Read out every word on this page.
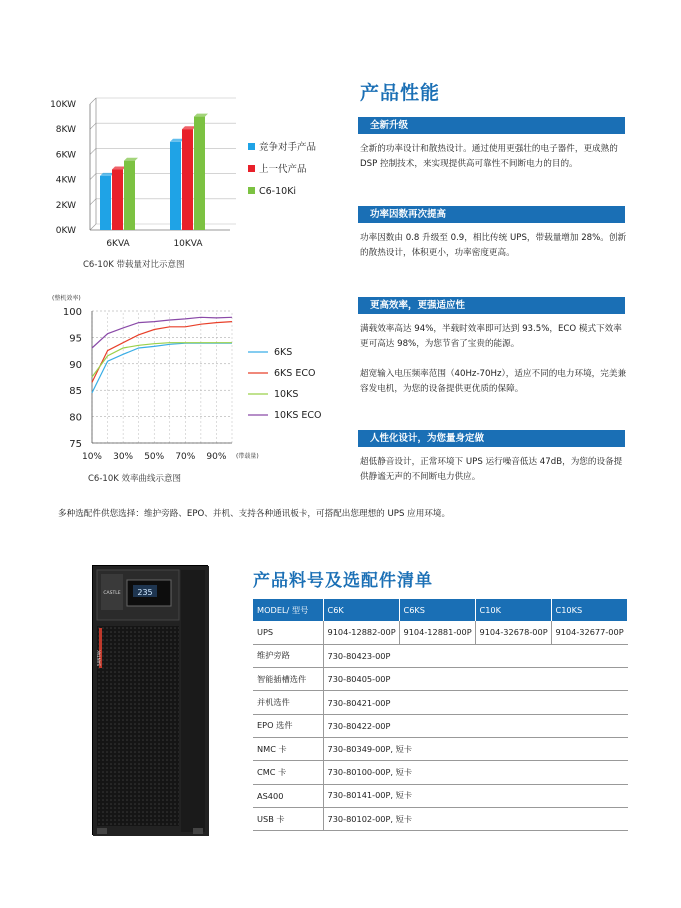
0KW
2KW
4KW
6KW
8KW
10KW
6KVA	10KVA
竞争对手产品
上一代产品
C6-10Ki
C6-10K 带载量对比示意图
(整机效率)
75
80
85
90
95
100
10% 30% 50% 70% 90% (带载量)
6KS
6KS ECO
10KS
10KS ECO
C6-10K 效率曲线示意图
产品性能
全新升级
全新的功率设计和散热设计。通过使用更强壮的电子器件，更成熟的 DSP 控制技术，来实现提供高可靠性不间断电力的目的。
功率因数再次提高
功率因数由 0.8 升级至 0.9，相比传统 UPS，带载量增加 28%。创新的散热设计，体积更小，功率密度更高。
更高效率，更强适应性
满载效率高达 94%，半载时效率即可达到 93.5%，ECO 模式下效率更可高达 98%，为您节省了宝贵的能源。
超宽输入电压频率范围（40Hz-70Hz），适应不同的电力环境，完美兼容发电机，为您的设备提供更优质的保障。
人性化设计，为您量身定做
超低静音设计，正常环境下 UPS 运行噪音低达 47dB，为您的设备提供静谧无声的不间断电力供应。
多种选配件供您选择：维护旁路、EPO、并机、支持各种通讯板卡，可搭配出您理想的 UPS 应用环境。
235
CASTLE
SANTAK
产品料号及选配件清单
MODEL/ 型号	C6K	C6KS	C10K	C10KS
UPS	9104-12882-00P	9104-12881-00P	9104-32678-00P	9104-32677-00P
维护旁路	730-80423-00P			
智能插槽选件	730-80405-00P			
并机选件	730-80421-00P			
EPO 选件	730-80422-00P			
NMC 卡	730-80349-00P, 短卡			
CMC 卡	730-80100-00P, 短卡			
AS400	730-80141-00P, 短卡			
USB 卡	730-80102-00P, 短卡			
